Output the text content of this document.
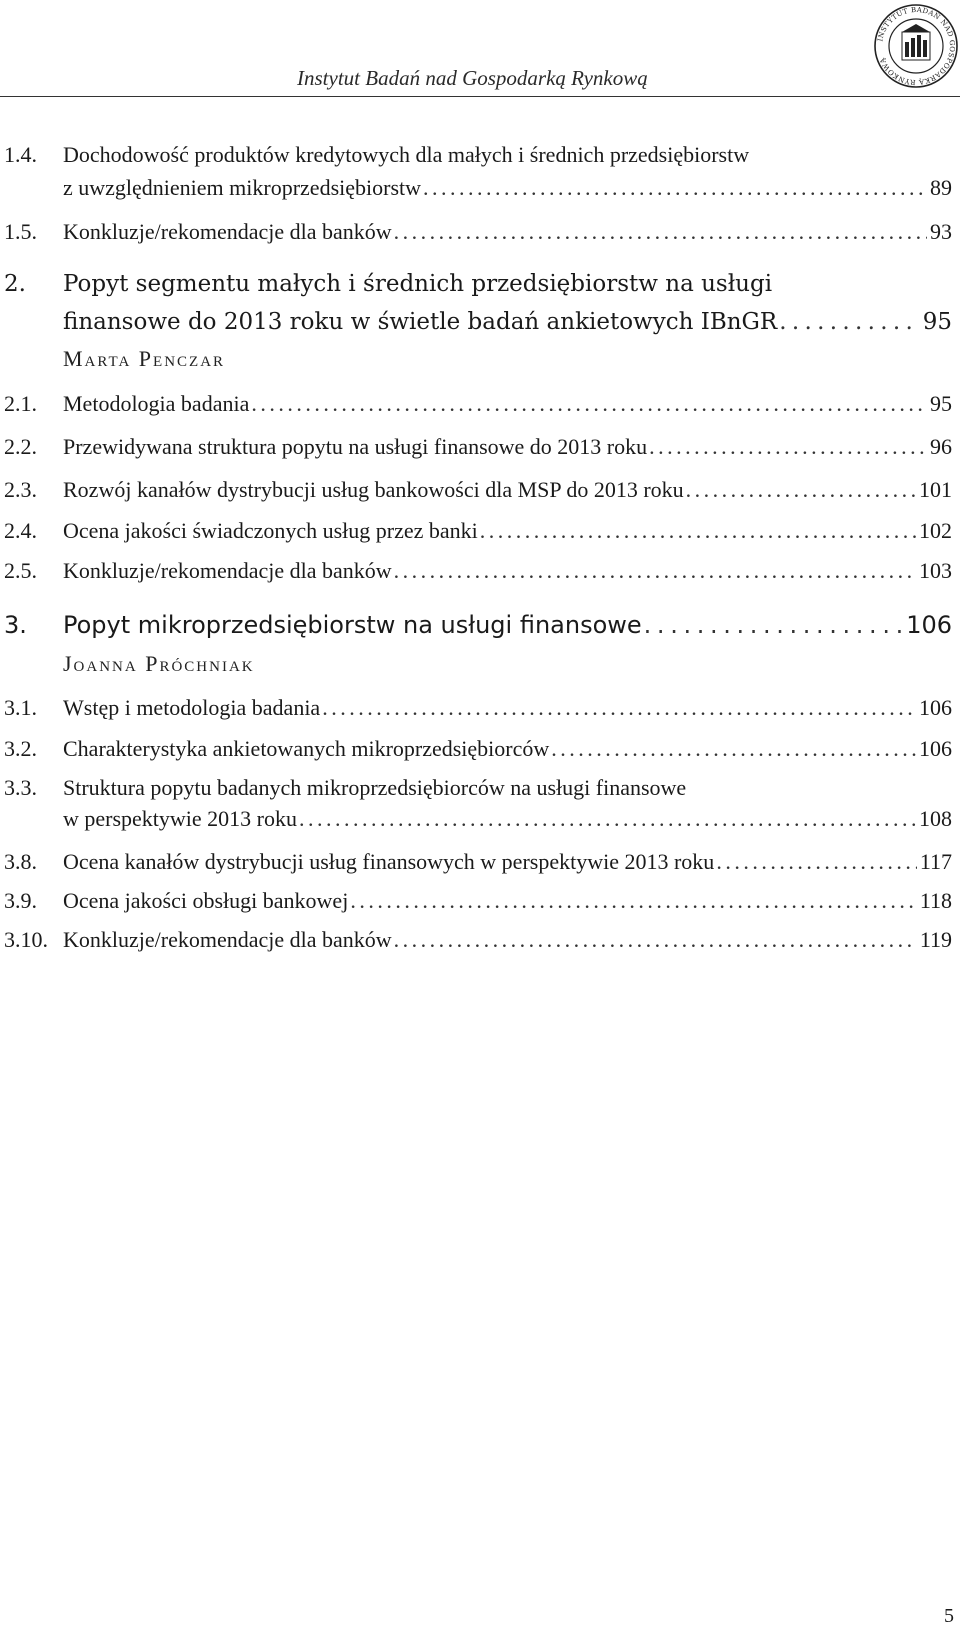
Instytut Badań nad Gospodarką Rynkową
INSTYTUT BADAŃ NAD GOSPODARKĄ RYNKOWĄ
1.4. Dochodowość produktów kredytowych dla małych i średnich przedsiębiorstw
z uwzględnieniem mikroprzedsiębiorstw . . .	89
1.5. Konkluzje/rekomendacje dla banków . . .	93
2. Popyt segmentu małych i średnich przedsiębiorstw na usługi
finansowe do 2013 roku w świetle badań ankietowych IBnGR . . .	95
Marta Penczar
2.1. Metodologia badania . . .	95
2.2. Przewidywana struktura popytu na usługi finansowe do 2013 roku . . .	96
2.3. Rozwój kanałów dystrybucji usług bankowości dla MSP do 2013 roku . . .	101
2.4. Ocena jakości świadczonych usług przez banki . . .	102
2.5. Konkluzje/rekomendacje dla banków . . .	103
3. Popyt mikroprzedsiębiorstw na usługi finansowe . . .	106
Joanna Próchniak
3.1. Wstęp i metodologia badania . . .	106
3.2. Charakterystyka ankietowanych mikroprzedsiębiorców . . .	106
3.3. Struktura popytu badanych mikroprzedsiębiorców na usługi finansowe
w perspektywie 2013 roku . . .	108
3.8. Ocena kanałów dystrybucji usług finansowych w perspektywie 2013 roku . . .	117
3.9. Ocena jakości obsługi bankowej . . .	118
3.10. Konkluzje/rekomendacje dla banków . . .	119
5
